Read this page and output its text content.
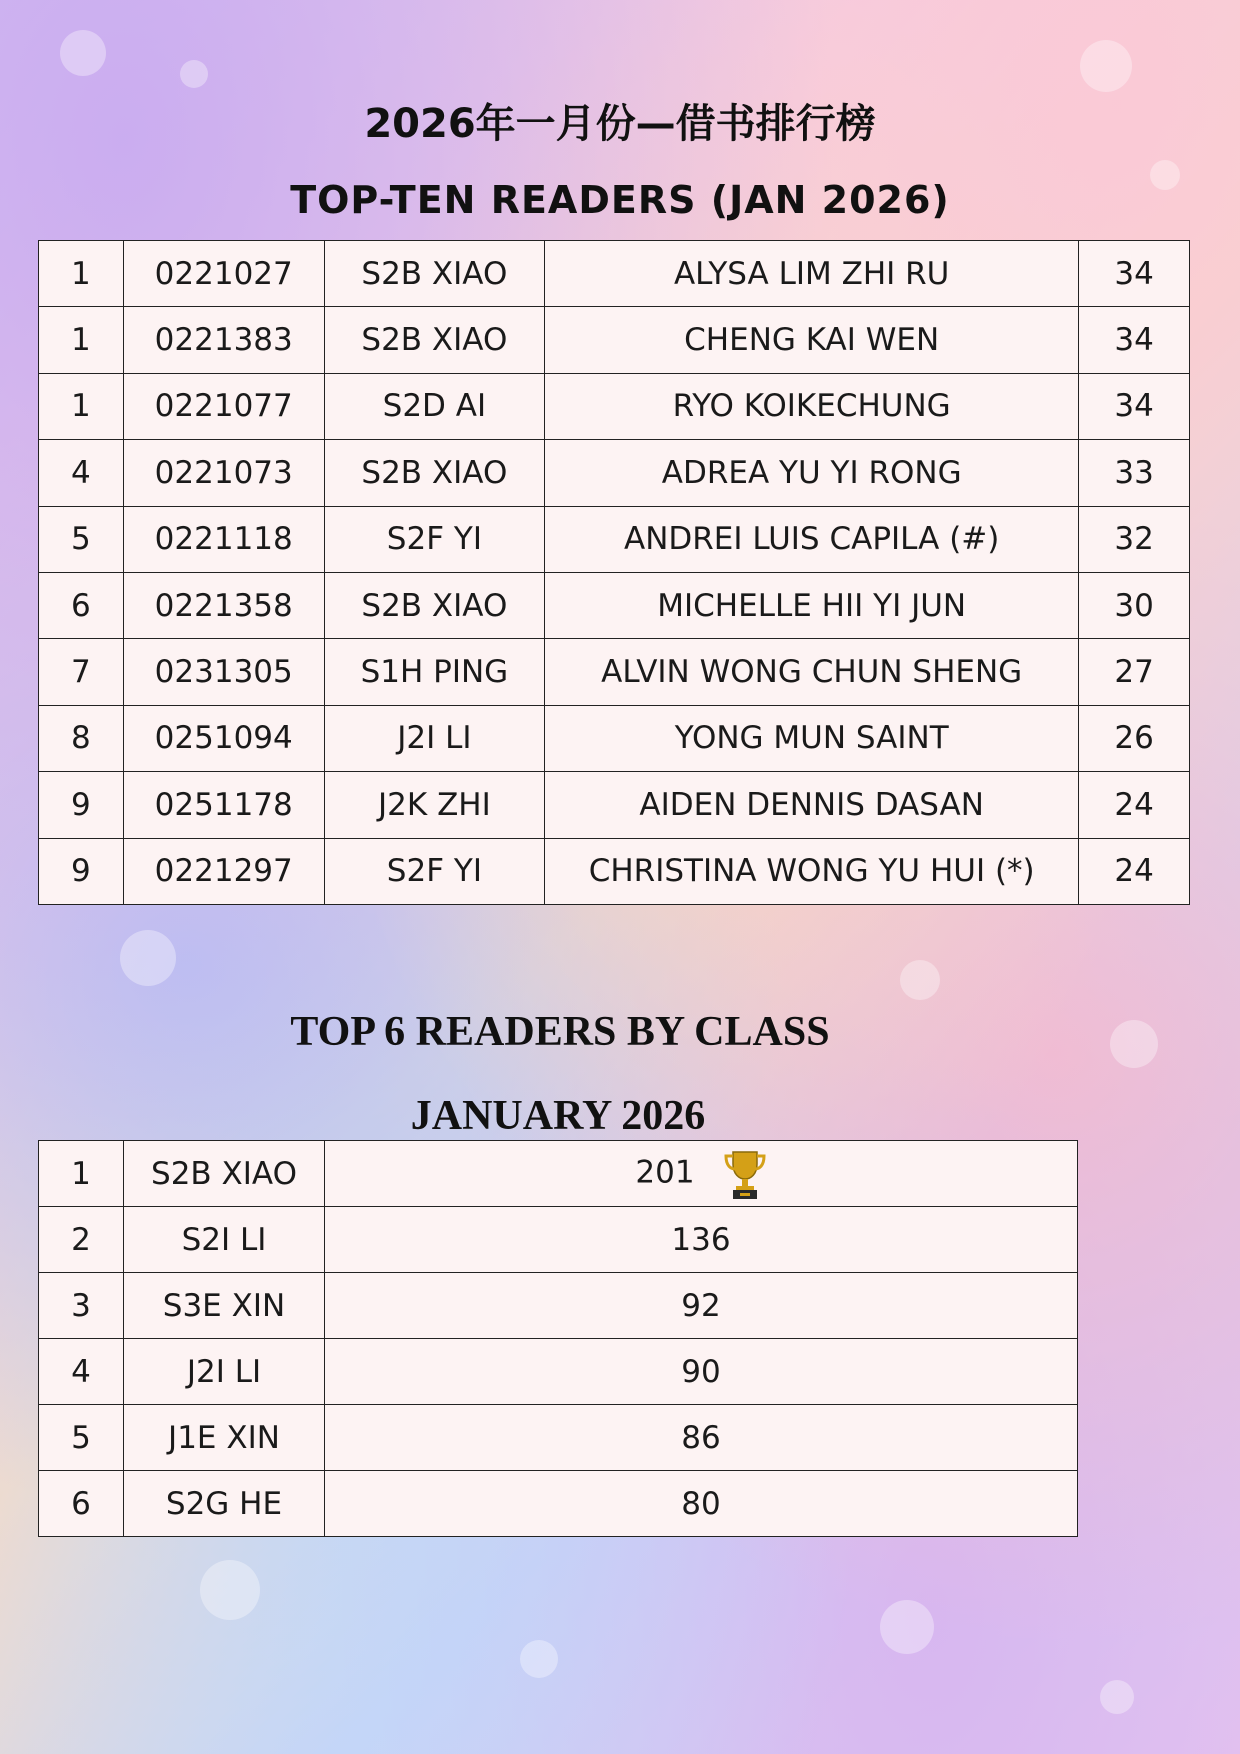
2026年一月份—借书排行榜
TOP-TEN READERS (JAN 2026)
1	0221027	S2B XIAO	ALYSA LIM ZHI RU	34
1	0221383	S2B XIAO	CHENG KAI WEN	34
1	0221077	S2D AI	RYO KOIKECHUNG	34
4	0221073	S2B XIAO	ADREA YU YI RONG	33
5	0221118	S2F YI	ANDREI LUIS CAPILA (#)	32
6	0221358	S2B XIAO	MICHELLE HII YI JUN	30
7	0231305	S1H PING	ALVIN WONG CHUN SHENG	27
8	0251094	J2I LI	YONG MUN SAINT	26
9	0251178	J2K ZHI	AIDEN DENNIS DASAN	24
9	0221297	S2F YI	CHRISTINA WONG YU HUI (*)	24
TOP 6 READERS BY CLASS
JANUARY 2026
1	S2B XIAO	201
2	S2I LI	136
3	S3E XIN	92
4	J2I LI	90
5	J1E XIN	86
6	S2G HE	80
